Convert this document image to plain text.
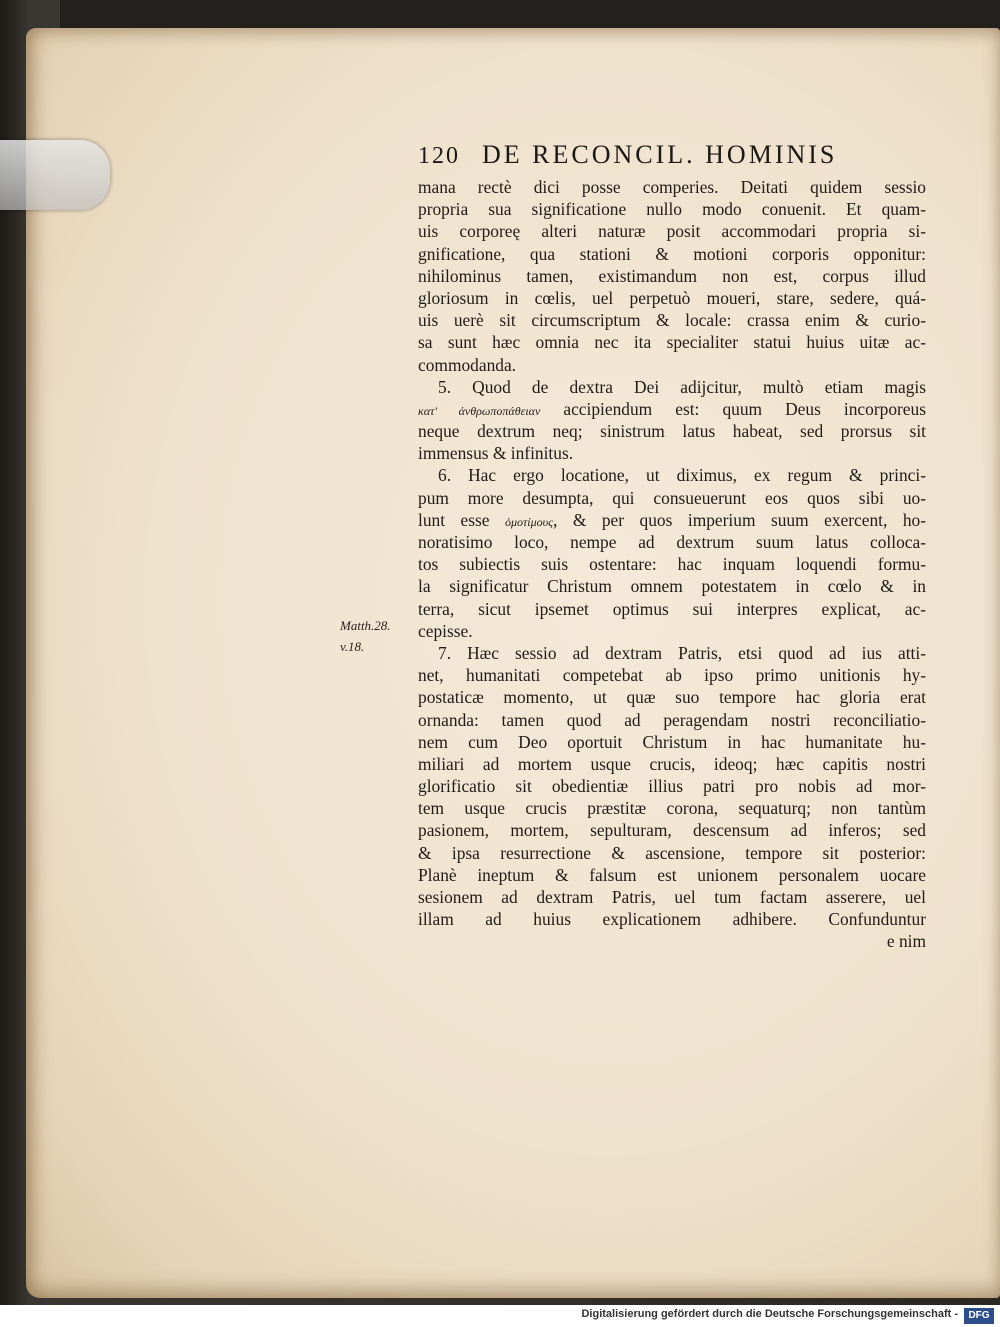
120 DE RECONCIL. HOMINIS
mana rectè dici posse comperies. Deitati quidem sessio
propria sua significatione nullo modo conuenit. Et quam-
uis corporeę alteri naturæ posit accommodari propria si-
gnificatione, qua stationi & motioni corporis opponitur:
nihilominus tamen, existimandum non est, corpus illud
gloriosum in cœlis, uel perpetuò moueri, stare, sedere, quá-
uis uerè sit circumscriptum & locale: crassa enim & curio-
sa sunt hæc omnia nec ita specialiter statui huius uitæ ac-
commodanda.
5. Quod de dextra Dei adijcitur, multò etiam magis
κατ' ἀνθρωποπάθειαν accipiendum est: quum Deus incorporeus
neque dextrum neq; sinistrum latus habeat, sed prorsus sit
immensus & infinitus.
6. Hac ergo locatione, ut diximus, ex regum & princi-
pum more desumpta, qui consueuerunt eos quos sibi uo-
lunt esse ὁμοτίμους, & per quos imperium suum exercent, ho-
noratisimo loco, nempe ad dextrum suum latus colloca-
tos subiectis suis ostentare: hac inquam loquendi formu-
la significatur Christum omnem potestatem in cœlo & in
terra, sicut ipsemet optimus sui interpres explicat, ac-
cepisse.
7. Hæc sessio ad dextram Patris, etsi quod ad ius atti-
net, humanitati competebat ab ipso primo unitionis hy-
postaticæ momento, ut quæ suo tempore hac gloria erat
ornanda: tamen quod ad peragendam nostri reconciliatio-
nem cum Deo oportuit Christum in hac humanitate hu-
miliari ad mortem usque crucis, ideoq; hæc capitis nostri
glorificatio sit obedientiæ illius patri pro nobis ad mor-
tem usque crucis præstitæ corona, sequaturq; non tantùm
pasionem, mortem, sepulturam, descensum ad inferos; sed
& ipsa resurrectione & ascensione, tempore sit posterior:
Planè ineptum & falsum est unionem personalem uocare
sesionem ad dextram Patris, uel tum factam asserere, uel
illam ad huius explicationem adhibere. Confunduntur
e nim
Matth.28.
v.18.
Digitalisierung gefördert durch die Deutsche Forschungsgemeinschaft -	DFG
